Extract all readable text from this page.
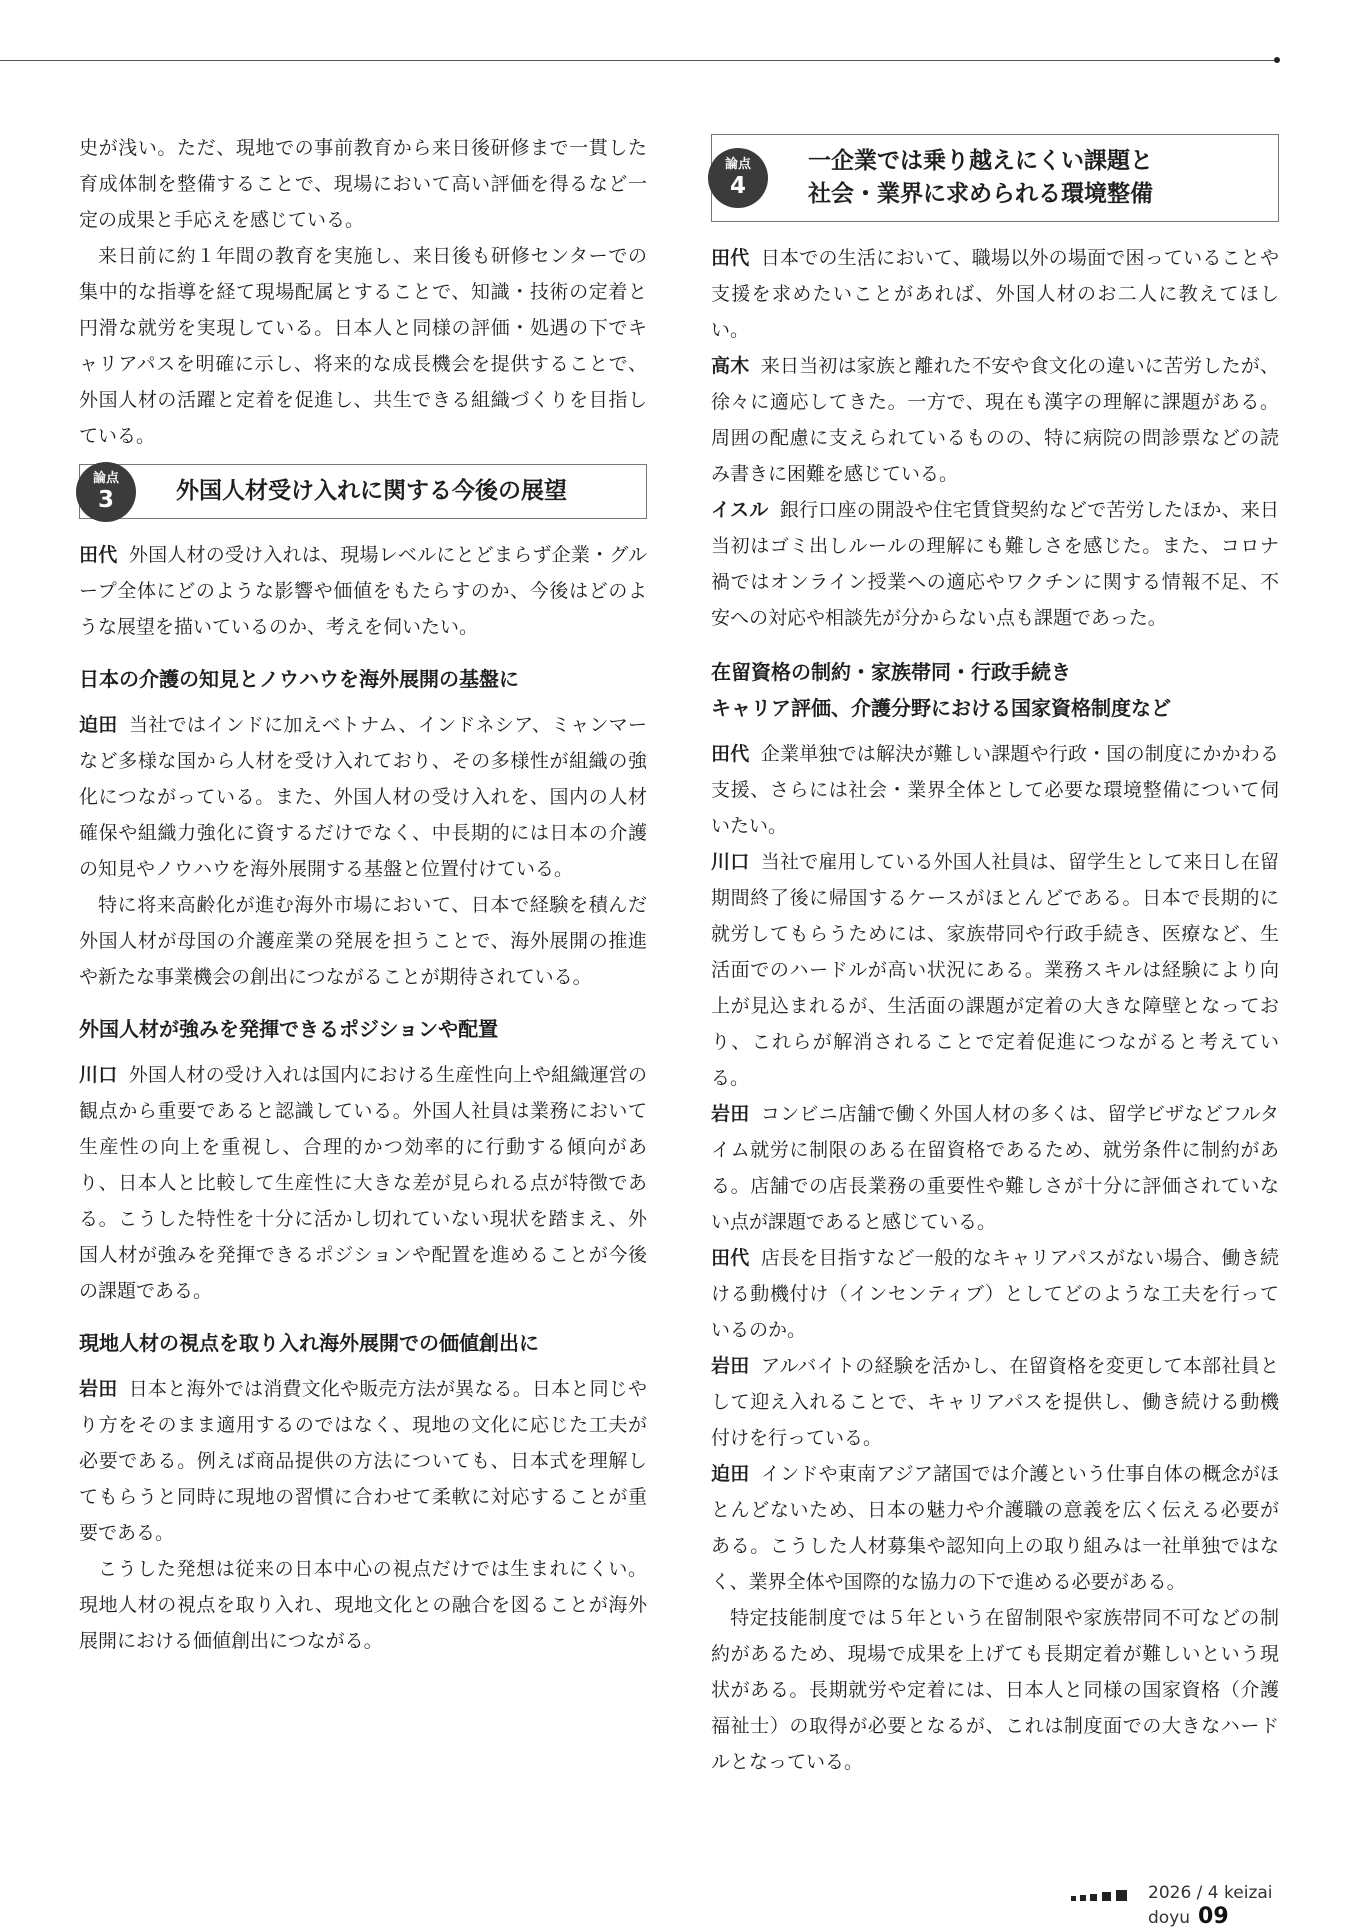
史が浅い。ただ、現地での事前教育から来日後研修まで一貫した育成体制を整備することで、現場において高い評価を得るなど一定の成果と手応えを感じている。

来日前に約１年間の教育を実施し、来日後も研修センターでの集中的な指導を経て現場配属とすることで、知識・技術の定着と円滑な就労を実現している。日本人と同様の評価・処遇の下でキャリアパスを明確に示し、将来的な成長機会を提供することで、外国人材の活躍と定着を促進し、共生できる組織づくりを目指している。

論点
3	外国人材受け入れに関する今後の展望

田代 外国人材の受け入れは、現場レベルにとどまらず企業・グループ全体にどのような影響や価値をもたらすのか、今後はどのような展望を描いているのか、考えを伺いたい。

日本の介護の知見とノウハウを海外展開の基盤に

迫田 当社ではインドに加えベトナム、インドネシア、ミャンマーなど多様な国から人材を受け入れており、その多様性が組織の強化につながっている。また、外国人材の受け入れを、国内の人材確保や組織力強化に資するだけでなく、中長期的には日本の介護の知見やノウハウを海外展開する基盤と位置付けている。

特に将来高齢化が進む海外市場において、日本で経験を積んだ外国人材が母国の介護産業の発展を担うことで、海外展開の推進や新たな事業機会の創出につながることが期待されている。

外国人材が強みを発揮できるポジションや配置

川口 外国人材の受け入れは国内における生産性向上や組織運営の観点から重要であると認識している。外国人社員は業務において生産性の向上を重視し、合理的かつ効率的に行動する傾向があり、日本人と比較して生産性に大きな差が見られる点が特徴である。こうした特性を十分に活かし切れていない現状を踏まえ、外国人材が強みを発揮できるポジションや配置を進めることが今後の課題である。

現地人材の視点を取り入れ海外展開での価値創出に

岩田 日本と海外では消費文化や販売方法が異なる。日本と同じやり方をそのまま適用するのではなく、現地の文化に応じた工夫が必要である。例えば商品提供の方法についても、日本式を理解してもらうと同時に現地の習慣に合わせて柔軟に対応することが重要である。

こうした発想は従来の日本中心の視点だけでは生まれにくい。現地人材の視点を取り入れ、現地文化との融合を図ることが海外展開における価値創出につながる。

論点
4

一企業では乗り越えにくい課題と

社会・業界に求められる環境整備

田代 日本での生活において、職場以外の場面で困っていることや支援を求めたいことがあれば、外国人材のお二人に教えてほしい。

高木 来日当初は家族と離れた不安や食文化の違いに苦労したが、徐々に適応してきた。一方で、現在も漢字の理解に課題がある。周囲の配慮に支えられているものの、特に病院の問診票などの読み書きに困難を感じている。

イスル 銀行口座の開設や住宅賃貸契約などで苦労したほか、来日当初はゴミ出しルールの理解にも難しさを感じた。また、コロナ禍ではオンライン授業への適応やワクチンに関する情報不足、不安への対応や相談先が分からない点も課題であった。

在留資格の制約・家族帯同・行政手続き
キャリア評価、介護分野における国家資格制度など

田代 企業単独では解決が難しい課題や行政・国の制度にかかわる支援、さらには社会・業界全体として必要な環境整備について伺いたい。

川口 当社で雇用している外国人社員は、留学生として来日し在留期間終了後に帰国するケースがほとんどである。日本で長期的に就労してもらうためには、家族帯同や行政手続き、医療など、生活面でのハードルが高い状況にある。業務スキルは経験により向上が見込まれるが、生活面の課題が定着の大きな障壁となっており、これらが解消されることで定着促進につながると考えている。

岩田 コンビニ店舗で働く外国人材の多くは、留学ビザなどフルタイム就労に制限のある在留資格であるため、就労条件に制約がある。店舗での店長業務の重要性や難しさが十分に評価されていない点が課題であると感じている。

田代 店長を目指すなど一般的なキャリアパスがない場合、働き続ける動機付け（インセンティブ）としてどのような工夫を行っているのか。

岩田 アルバイトの経験を活かし、在留資格を変更して本部社員として迎え入れることで、キャリアパスを提供し、働き続ける動機付けを行っている。

迫田 インドや東南アジア諸国では介護という仕事自体の概念がほとんどないため、日本の魅力や介護職の意義を広く伝える必要がある。こうした人材募集や認知向上の取り組みは一社単独ではなく、業界全体や国際的な協力の下で進める必要がある。

特定技能制度では５年という在留制限や家族帯同不可などの制約があるため、現場で成果を上げても長期定着が難しいという現状がある。長期就労や定着には、日本人と同様の国家資格（介護福祉士）の取得が必要となるが、これは制度面での大きなハードルとなっている。

2026 / 4 keizai doyu 09
